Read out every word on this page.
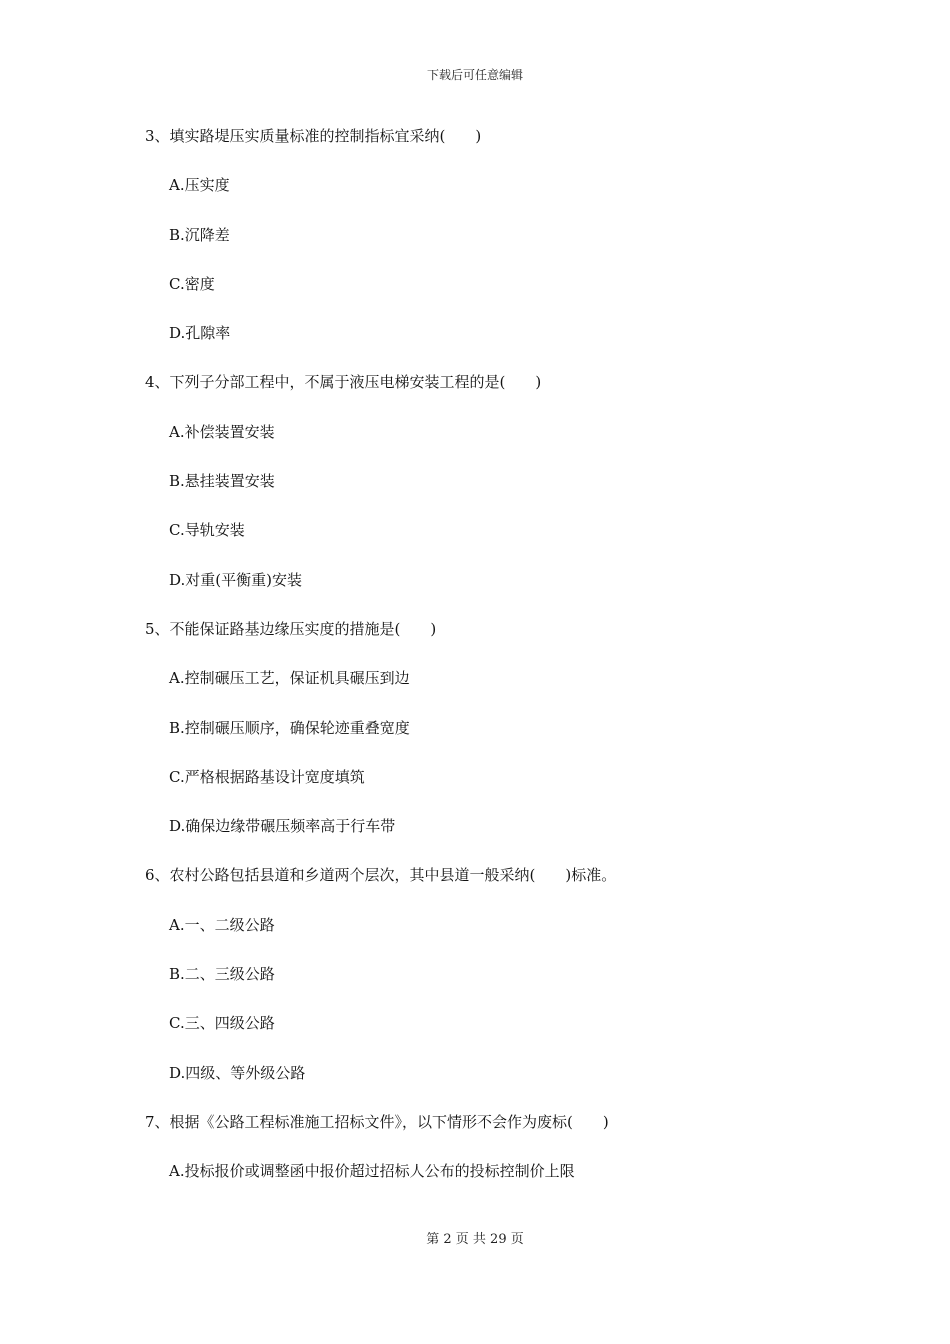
下载后可任意编辑
3、填实路堤压实质量标准的控制指标宜采纳(　　)
A.压实度
B.沉降差
C.密度
D.孔隙率
4、下列子分部工程中，不属于液压电梯安装工程的是(　　)
A.补偿装置安装
B.悬挂装置安装
C.导轨安装
D.对重(平衡重)安装
5、不能保证路基边缘压实度的措施是(　　)
A.控制碾压工艺，保证机具碾压到边
B.控制碾压顺序，确保轮迹重叠宽度
C.严格根据路基设计宽度填筑
D.确保边缘带碾压频率高于行车带
6、农村公路包括县道和乡道两个层次，其中县道一般采纳(　　)标准。
A.一、二级公路
B.二、三级公路
C.三、四级公路
D.四级、等外级公路
7、根据《公路工程标准施工招标文件》，以下情形不会作为废标(　　)
A.投标报价或调整函中报价超过招标人公布的投标控制价上限
第 2 页 共 29 页
